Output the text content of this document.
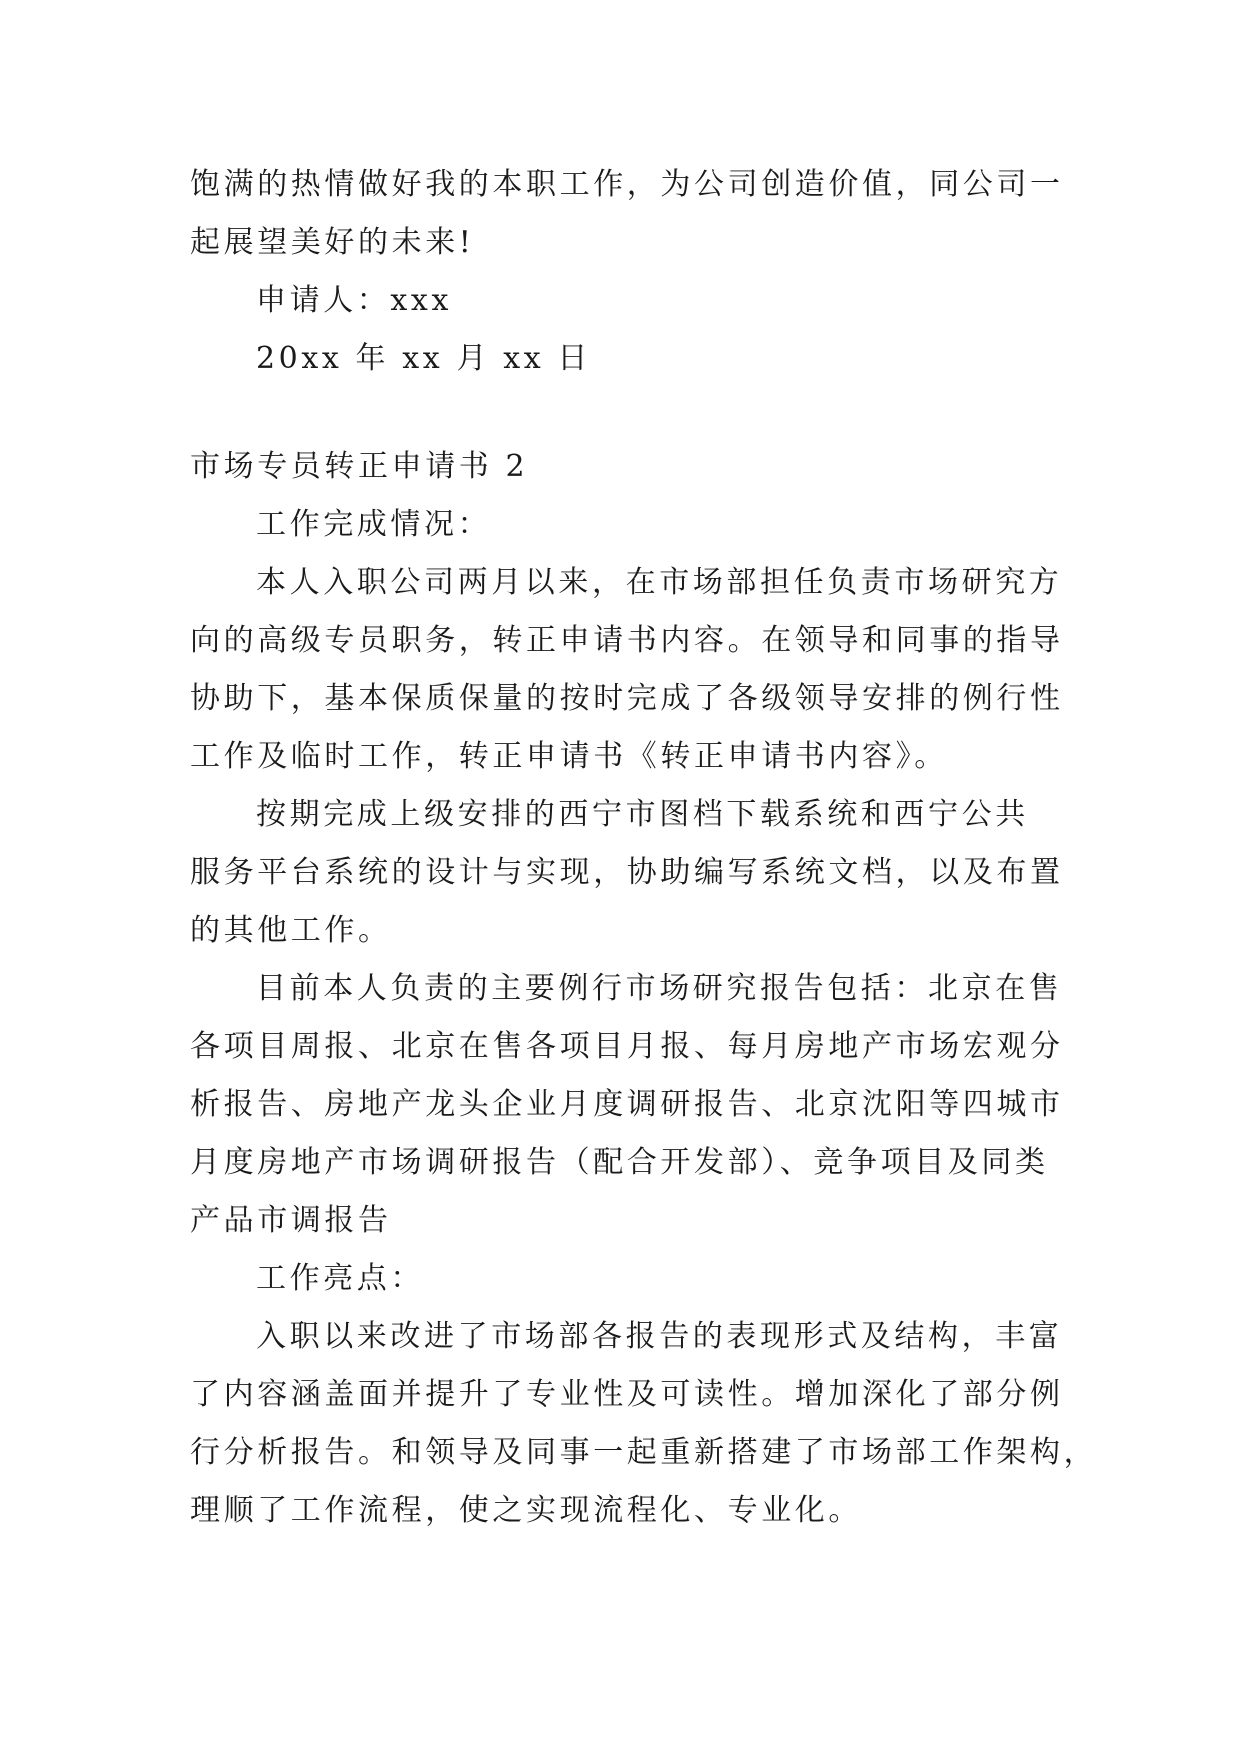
饱满的热情做好我的本职工作，为公司创造价值，同公司一

起展望美好的未来!

申请人：xxx

20xx 年 xx 月 xx 日

市场专员转正申请书 2

工作完成情况：

本人入职公司两月以来，在市场部担任负责市场研究方

向的高级专员职务，转正申请书内容。在领导和同事的指导

协助下，基本保质保量的按时完成了各级领导安排的例行性

工作及临时工作，转正申请书《转正申请书内容》。

按期完成上级安排的西宁市图档下载系统和西宁公共

服务平台系统的设计与实现，协助编写系统文档，以及布置

的其他工作。

目前本人负责的主要例行市场研究报告包括：北京在售

各项目周报、北京在售各项目月报、每月房地产市场宏观分

析报告、房地产龙头企业月度调研报告、北京沈阳等四城市

月度房地产市场调研报告（配合开发部）、竞争项目及同类

产品市调报告

工作亮点：

入职以来改进了市场部各报告的表现形式及结构，丰富

了内容涵盖面并提升了专业性及可读性。增加深化了部分例

行分析报告。和领导及同事一起重新搭建了市场部工作架构，

理顺了工作流程，使之实现流程化、专业化。
